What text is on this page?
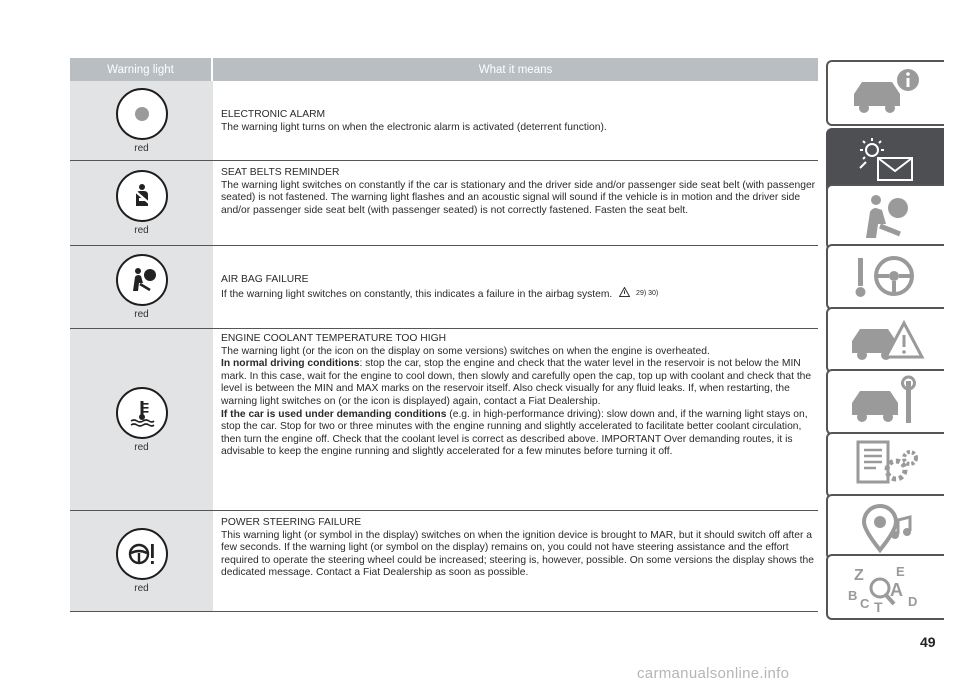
Warning light	What it means
red
ELECTRONIC ALARM
The warning light turns on when the electronic alarm is activated (deterrent function).
red
SEAT BELTS REMINDER
The warning light switches on constantly if the car is stationary and the driver side and/or passenger side seat belt (with passenger seated) is not fastened. The warning light flashes and an acoustic signal will sound if the vehicle is in motion and the driver side and/or passenger side seat belt (with passenger seated) is not correctly fastened. Fasten the seat belt.
red
AIR BAG FAILURE
If the warning light switches on constantly, this indicates a failure in the airbag system.	29) 30)
red
ENGINE COOLANT TEMPERATURE TOO HIGH
The warning light (or the icon on the display on some versions) switches on when the engine is overheated.
In normal driving conditions: stop the car, stop the engine and check that the water level in the reservoir is not below the MIN mark. In this case, wait for the engine to cool down, then slowly and carefully open the cap, top up with coolant and check that the level is between the MIN and MAX marks on the reservoir itself. Also check visually for any fluid leaks. If, when restarting, the warning light switches on (or the icon is displayed) again, contact a Fiat Dealership.
If the car is used under demanding conditions (e.g. in high-performance driving): slow down and, if the warning light stays on, stop the car. Stop for two or three minutes with the engine running and slightly accelerated to facilitate better coolant circulation, then turn the engine off. Check that the coolant level is correct as described above. IMPORTANT Over demanding routes, it is advisable to keep the engine running and slightly accelerated for a few minutes before turning it off.
red
POWER STEERING FAILURE
This warning light (or symbol in the display) switches on when the ignition device is brought to MAR, but it should switch off after a few seconds. If the warning light (or symbol on the display) remains on, you could not have steering assistance and the effort required to operate the steering wheel could be increased; steering is, however, possible. On some versions the display shows the dedicated message. Contact a Fiat Dealership as soon as possible.	Z E
B A
C	D
T
49
carmanualsonline.info
